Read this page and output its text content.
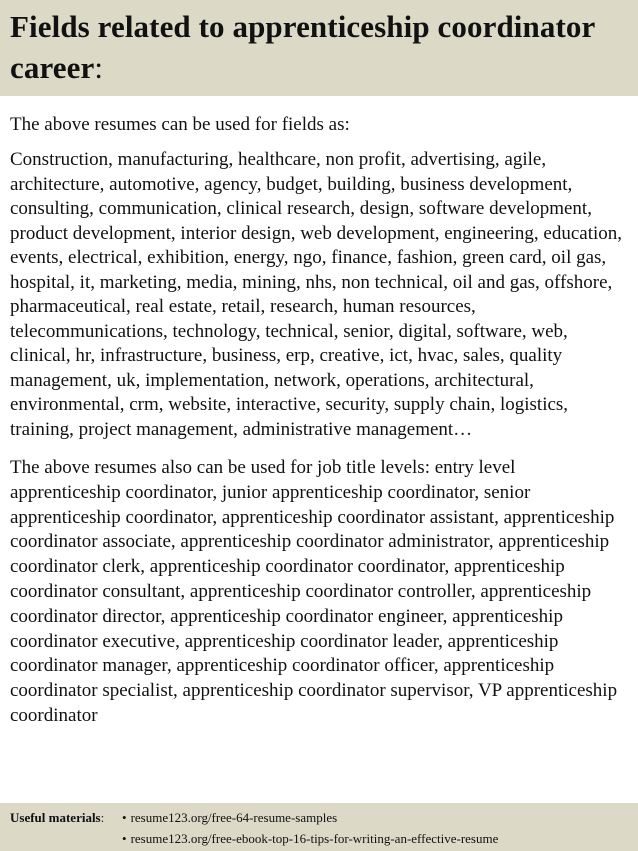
Fields related to apprenticeship coordinator career:

The above resumes can be used for fields as:

Construction, manufacturing, healthcare, non profit, advertising, agile, architecture, automotive, agency, budget, building, business development, consulting, communication, clinical research, design, software development, product development, interior design, web development, engineering, education, events, electrical, exhibition, energy, ngo, finance, fashion, green card, oil gas, hospital, it, marketing, media, mining, nhs, non technical, oil and gas, offshore, pharmaceutical, real estate, retail, research, human resources, telecommunications, technology, technical, senior, digital, software, web, clinical, hr, infrastructure, business, erp, creative, ict, hvac, sales, quality management, uk, implementation, network, operations, architectural, environmental, crm, website, interactive, security, supply chain, logistics, training, project management, administrative management…

The above resumes also can be used for job title levels: entry level apprenticeship coordinator, junior apprenticeship coordinator, senior apprenticeship coordinator, apprenticeship coordinator assistant, apprenticeship coordinator associate, apprenticeship coordinator administrator, apprenticeship coordinator clerk, apprenticeship coordinator coordinator, apprenticeship coordinator consultant, apprenticeship coordinator controller, apprenticeship coordinator director, apprenticeship coordinator engineer, apprenticeship coordinator executive, apprenticeship coordinator leader, apprenticeship coordinator manager, apprenticeship coordinator officer, apprenticeship coordinator specialist, apprenticeship coordinator supervisor, VP apprenticeship coordinator

Useful materials:	• resume123.org/free-64-resume-samples
• resume123.org/free-ebook-top-16-tips-for-writing-an-effective-resume
